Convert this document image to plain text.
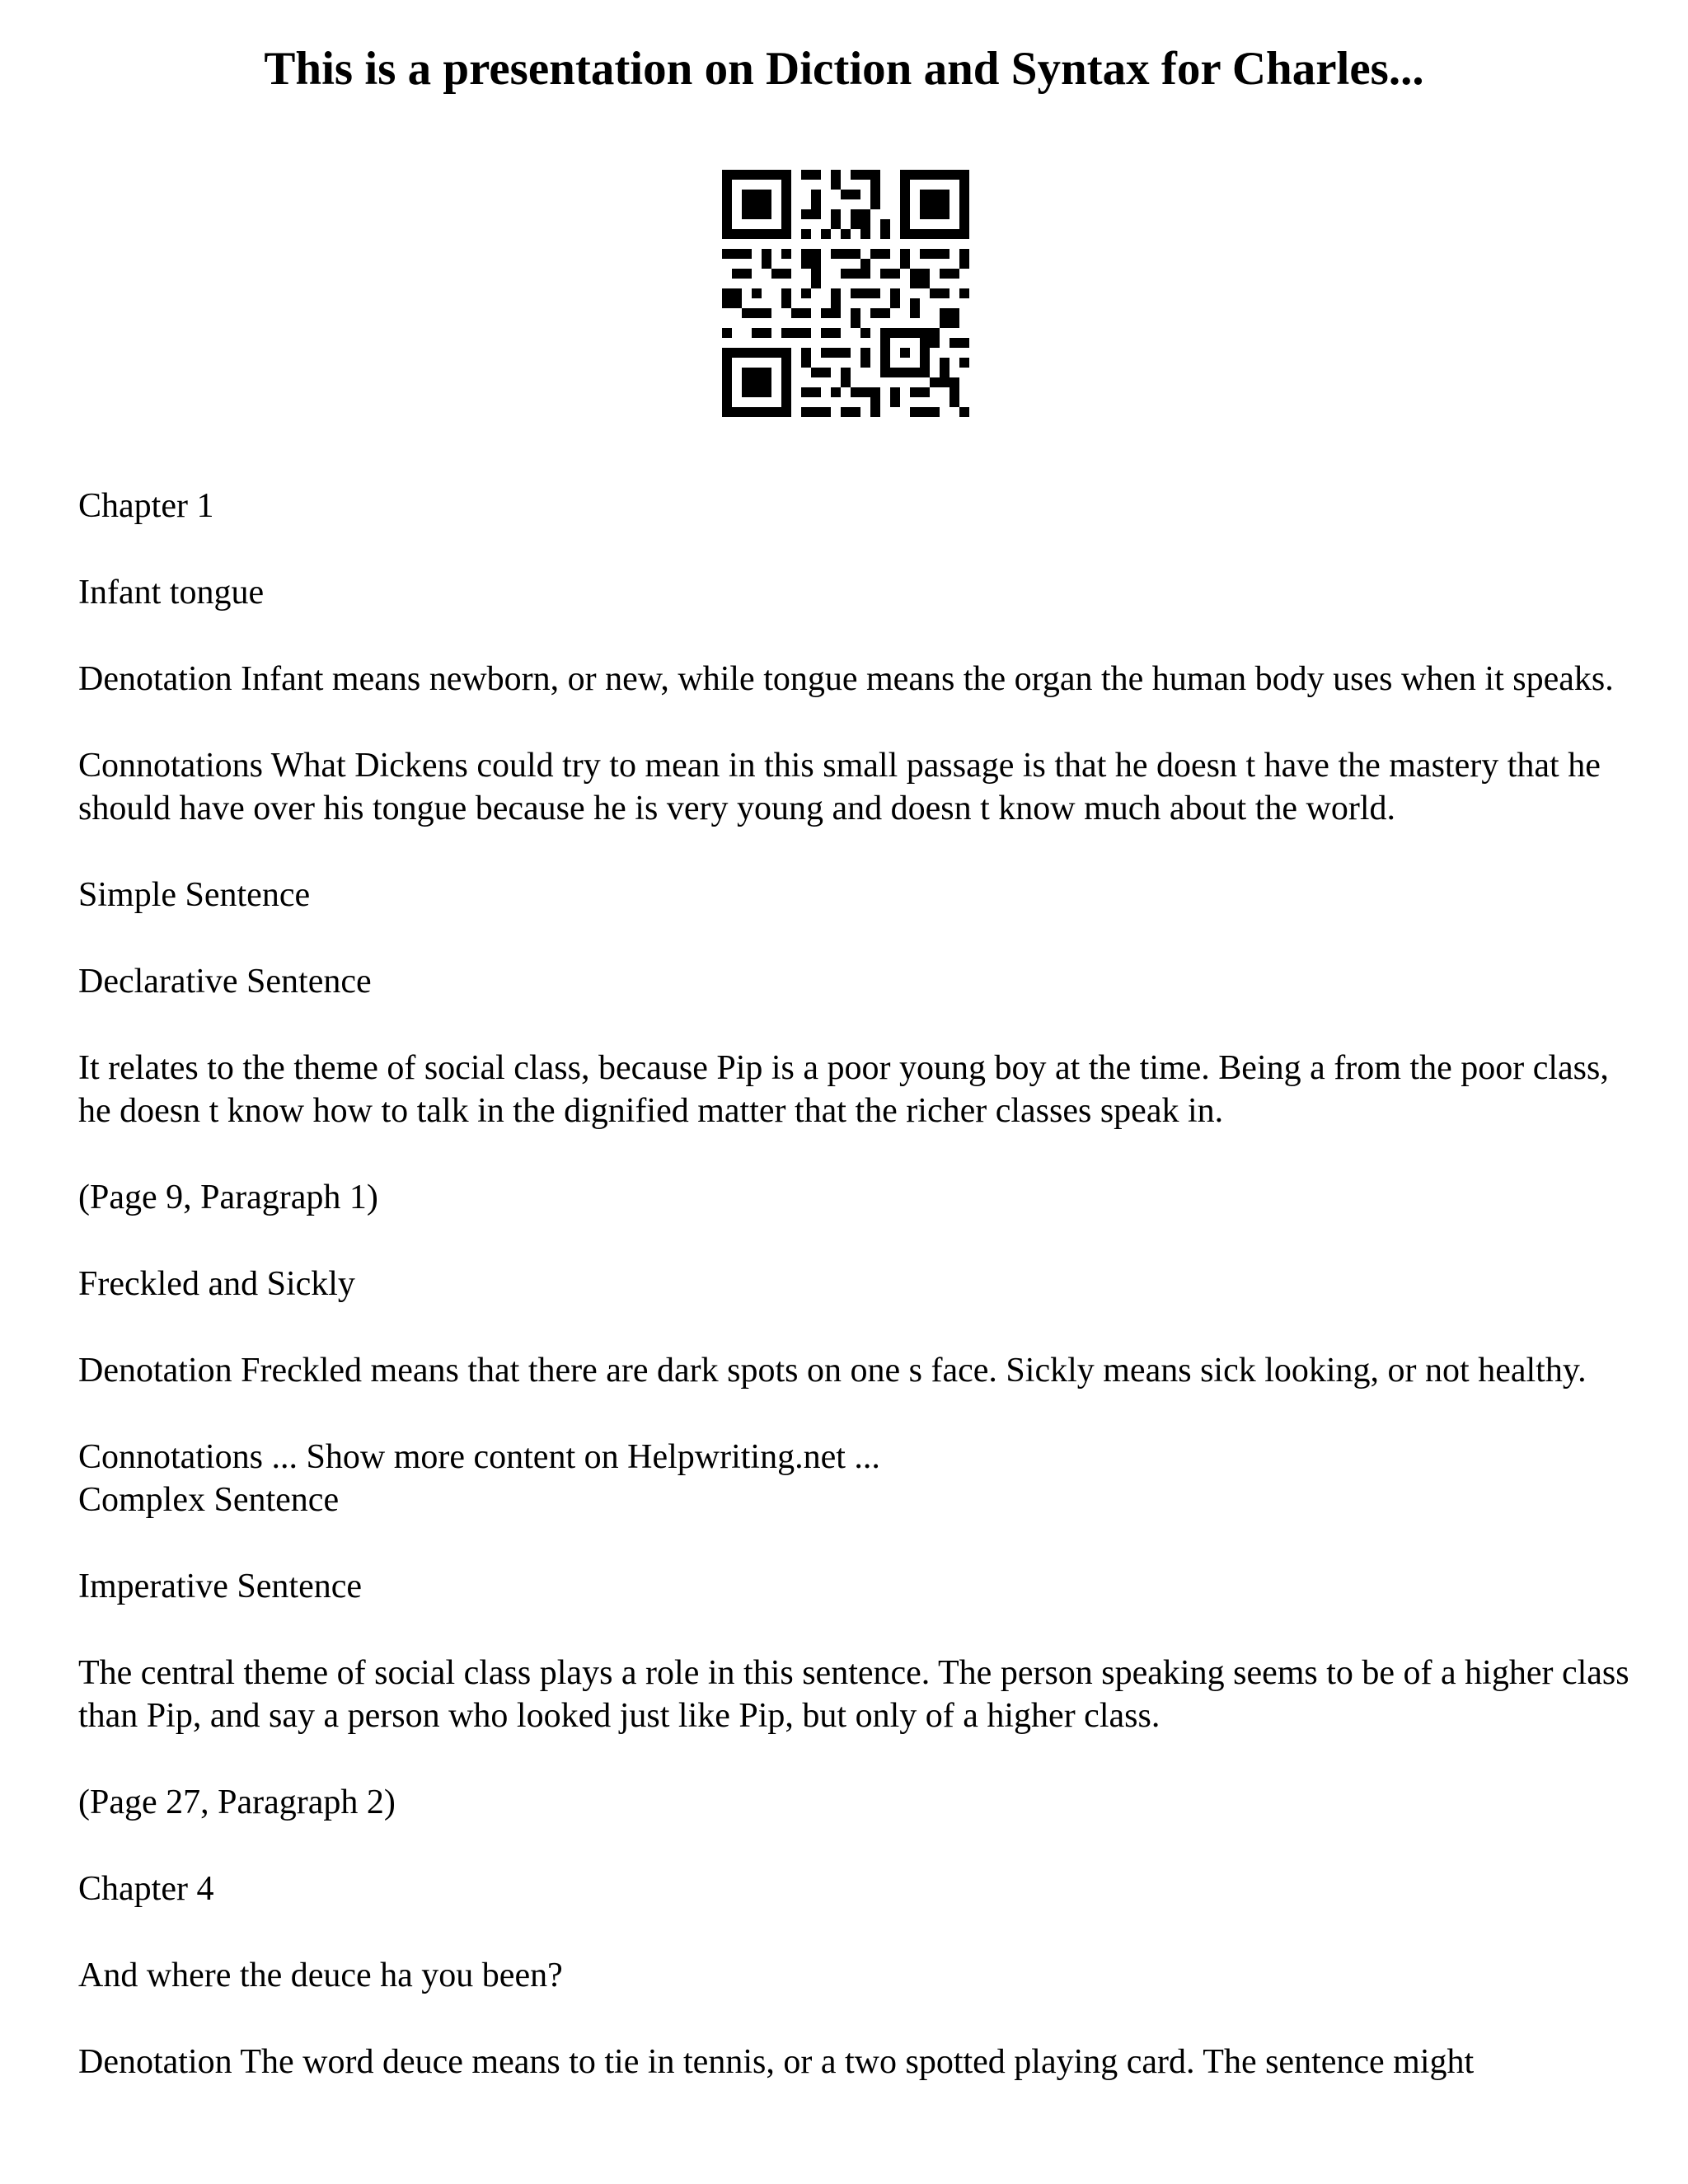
This is a presentation on Diction and Syntax for Charles...

Chapter 1

Infant tongue

Denotation Infant means newborn, or new, while tongue means the organ the human body uses when it speaks.

Connotations What Dickens could try to mean in this small passage is that he doesn t have the mastery that he should have over his tongue because he is very young and doesn t know much about the world.

Simple Sentence

Declarative Sentence

It relates to the theme of social class, because Pip is a poor young boy at the time. Being a from the poor class, he doesn t know how to talk in the dignified matter that the richer classes speak in.

(Page 9, Paragraph 1)

Freckled and Sickly

Denotation Freckled means that there are dark spots on one s face. Sickly means sick looking, or not healthy.

Connotations ... Show more content on Helpwriting.net ...

Complex Sentence

Imperative Sentence

The central theme of social class plays a role in this sentence. The person speaking seems to be of a higher class than Pip, and say a person who looked just like Pip, but only of a higher class.

(Page 27, Paragraph 2)

Chapter 4

And where the deuce ha you been?

Denotation The word deuce means to tie in tennis, or a two spotted playing card. The sentence might
